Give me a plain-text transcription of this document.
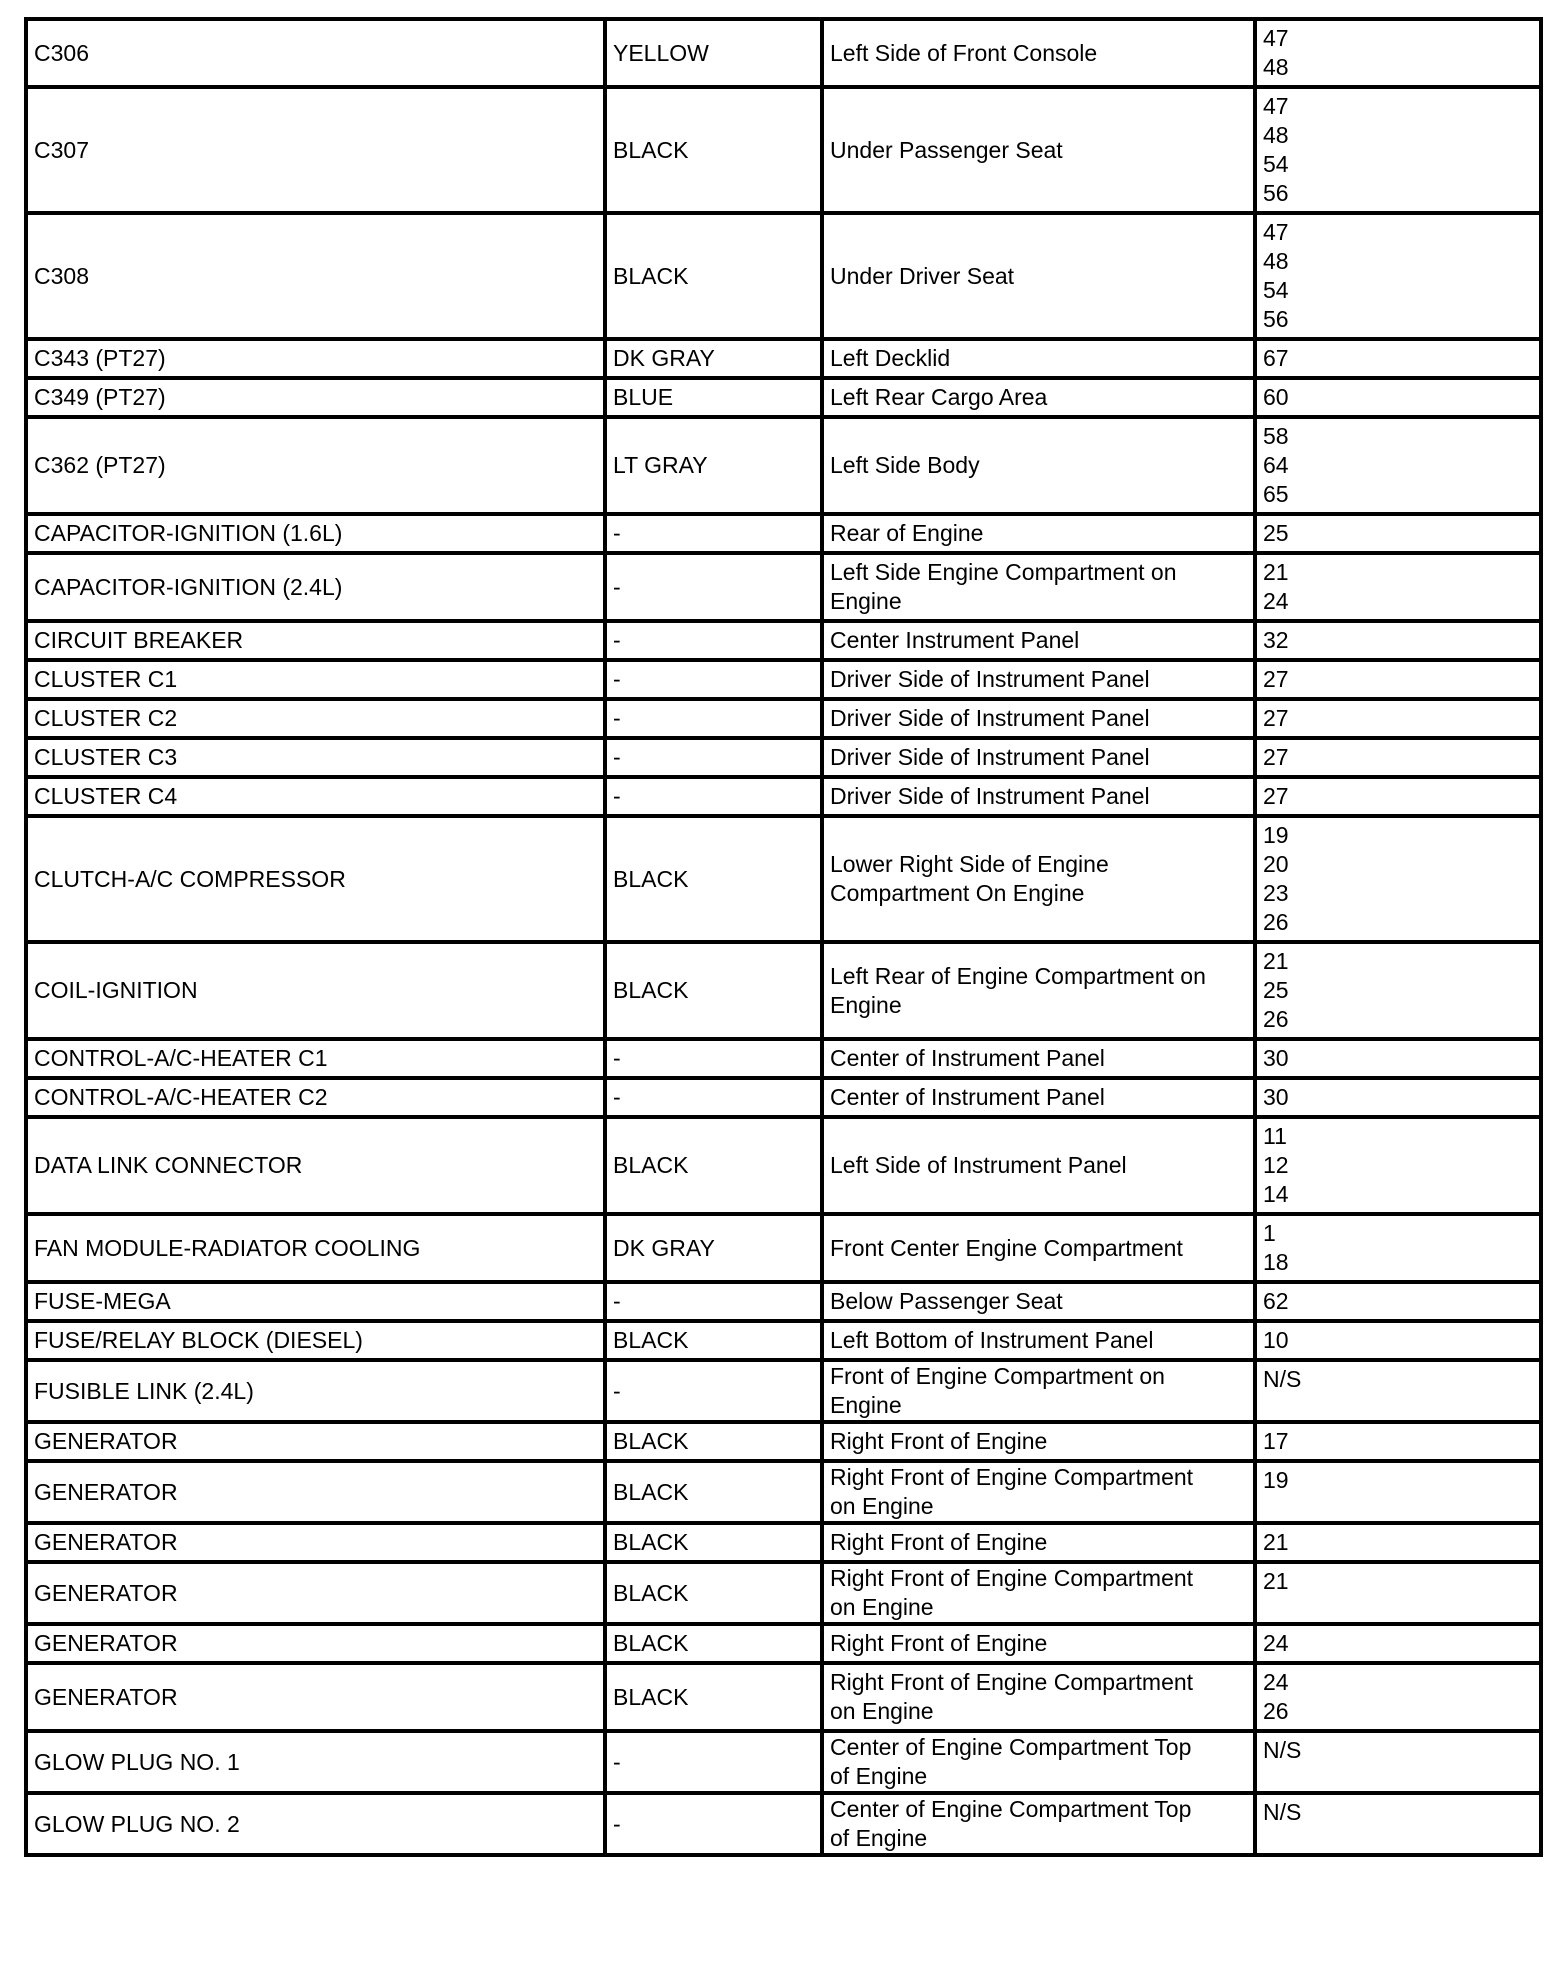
C306	YELLOW	Left Side of Front Console	47
48

C307	BLACK	Under Passenger Seat	47
48
54
56

C308	BLACK	Under Driver Seat	47
48
54
56

C343 (PT27)	DK GRAY	Left Decklid	67

C349 (PT27)	BLUE	Left Rear Cargo Area	60

C362 (PT27)	LT GRAY	Left Side Body	58
64
65

CAPACITOR-IGNITION (1.6L)	-	Rear of Engine	25

CAPACITOR-IGNITION (2.4L)	-	Left Side Engine Compartment on
Engine	21
24

CIRCUIT BREAKER	-	Center Instrument Panel	32

CLUSTER C1	-	Driver Side of Instrument Panel	27

CLUSTER C2	-	Driver Side of Instrument Panel	27

CLUSTER C3	-	Driver Side of Instrument Panel	27

CLUSTER C4	-	Driver Side of Instrument Panel	27

CLUTCH-A/C COMPRESSOR	BLACK	Lower Right Side of Engine
Compartment On Engine	19
20
23
26

COIL-IGNITION	BLACK	Left Rear of Engine Compartment on
Engine	21
25
26

CONTROL-A/C-HEATER C1	-	Center of Instrument Panel	30

CONTROL-A/C-HEATER C2	-	Center of Instrument Panel	30

DATA LINK CONNECTOR	BLACK	Left Side of Instrument Panel	11
12
14

FAN MODULE-RADIATOR COOLING	DK GRAY	Front Center Engine Compartment	1
18

FUSE-MEGA	-	Below Passenger Seat	62

FUSE/RELAY BLOCK (DIESEL)	BLACK	Left Bottom of Instrument Panel	10

FUSIBLE LINK (2.4L)	-	Front of Engine Compartment on
Engine	N/S

GENERATOR	BLACK	Right Front of Engine	17

GENERATOR	BLACK	Right Front of Engine Compartment
on Engine	19

GENERATOR	BLACK	Right Front of Engine	21

GENERATOR	BLACK	Right Front of Engine Compartment
on Engine	21

GENERATOR	BLACK	Right Front of Engine	24

GENERATOR	BLACK	Right Front of Engine Compartment
on Engine	24
26

GLOW PLUG NO. 1	-	Center of Engine Compartment Top
of Engine	N/S

GLOW PLUG NO. 2	-	Center of Engine Compartment Top
of Engine	N/S
